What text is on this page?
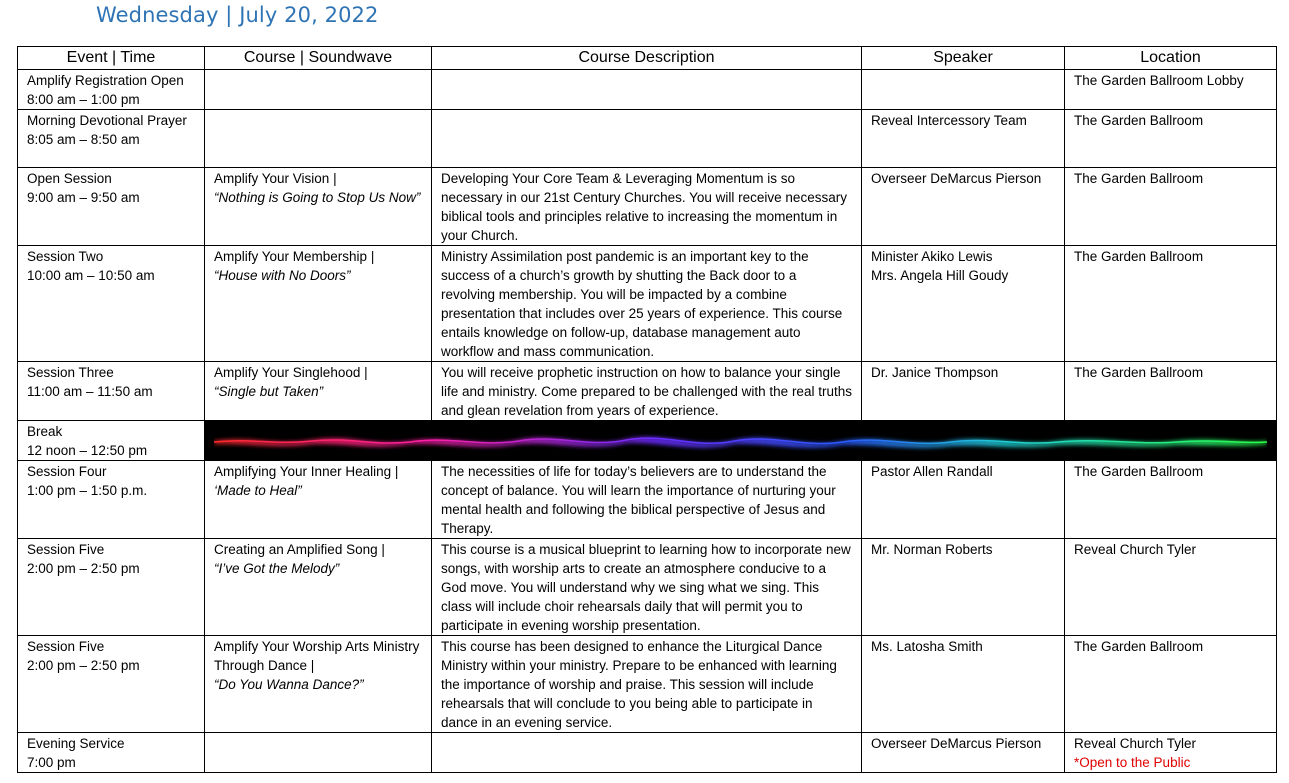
Wednesday | July 20, 2022
Event | Time	Course | Soundwave	Course Description	Speaker	Location

Amplify Registration Open
8:00 am – 1:00 pm				The Garden Ballroom Lobby

Morning Devotional Prayer
8:05 am – 8:50 am			Reveal Intercessory Team	The Garden Ballroom

Open Session
9:00 am – 9:50 am	Amplify Your Vision |
“Nothing is Going to Stop Us Now”	Developing Your Core Team & Leveraging Momentum is so necessary in our 21st Century Churches. You will receive necessary biblical tools and principles relative to increasing the momentum in your Church.	Overseer DeMarcus Pierson	The Garden Ballroom

Session Two
10:00 am – 10:50 am	Amplify Your Membership |
“House with No Doors”	Ministry Assimilation post pandemic is an important key to the success of a church’s growth by shutting the Back door to a revolving membership. You will be impacted by a combine presentation that includes over 25 years of experience. This course entails knowledge on follow-up, database management auto workflow and mass communication.	Minister Akiko Lewis
Mrs. Angela Hill Goudy	The Garden Ballroom

Session Three
11:00 am – 11:50 am	Amplify Your Singlehood |
“Single but Taken”	You will receive prophetic instruction on how to balance your single life and ministry. Come prepared to be challenged with the real truths and glean revelation from years of experience.	Dr. Janice Thompson	The Garden Ballroom

Break
12 noon – 12:50 pm

Session Four
1:00 pm – 1:50 p.m.	Amplifying Your Inner Healing |
‘Made to Heal”	The necessities of life for today’s believers are to understand the concept of balance. You will learn the importance of nurturing your mental health and following the biblical perspective of Jesus and Therapy.	Pastor Allen Randall	The Garden Ballroom

Session Five
2:00 pm – 2:50 pm	Creating an Amplified Song |
“I’ve Got the Melody”	This course is a musical blueprint to learning how to incorporate new songs, with worship arts to create an atmosphere conducive to a God move. You will understand why we sing what we sing. This class will include choir rehearsals daily that will permit you to participate in evening worship presentation.	Mr. Norman Roberts	Reveal Church Tyler

Session Five
2:00 pm – 2:50 pm	Amplify Your Worship Arts Ministry Through Dance |
“Do You Wanna Dance?”	This course has been designed to enhance the Liturgical Dance Ministry within your ministry. Prepare to be enhanced with learning the importance of worship and praise. This session will include rehearsals that will conclude to you being able to participate in dance in an evening service.	Ms. Latosha Smith	The Garden Ballroom

Evening Service
7:00 pm			Overseer DeMarcus Pierson	Reveal Church Tyler
*Open to the Public
